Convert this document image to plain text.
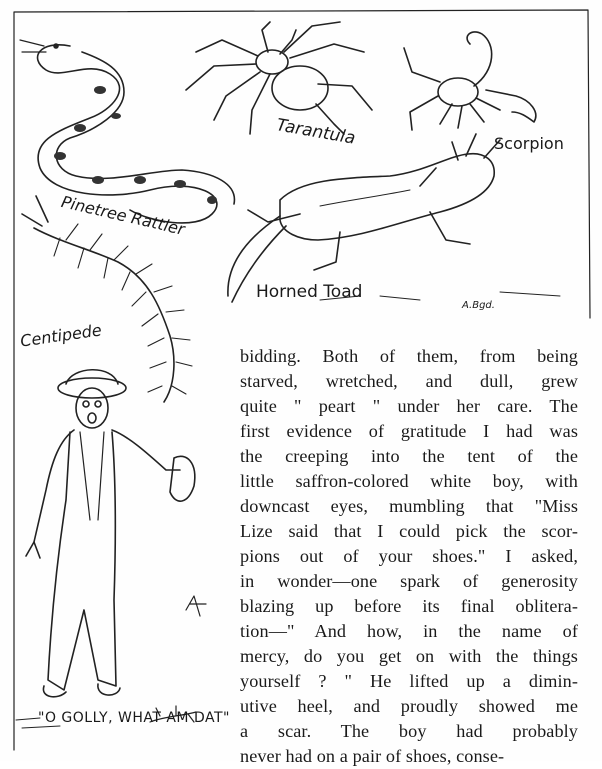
Tarantula	Scorpion
Pinetree Rattler
Horned Toad
Centipede
A.Bgd.
"O GOLLY, WHAT AM DAT"
bidding. Both of them, from being
starved, wretched, and dull, grew
quite " peart " under her care. The
first evidence of gratitude I had was
the creeping into the tent of the
little saffron-colored white boy, with
downcast eyes, mumbling that "Miss
Lize said that I could pick the scor-
pions out of your shoes." I asked,
in wonder—one spark of generosity
blazing up before its final oblitera-
tion—" And how, in the name of
mercy, do you get on with the things
yourself ? " He lifted up a dimin-
utive heel, and proudly showed me
a scar. The boy had probably
never had on a pair of shoes, conse-
